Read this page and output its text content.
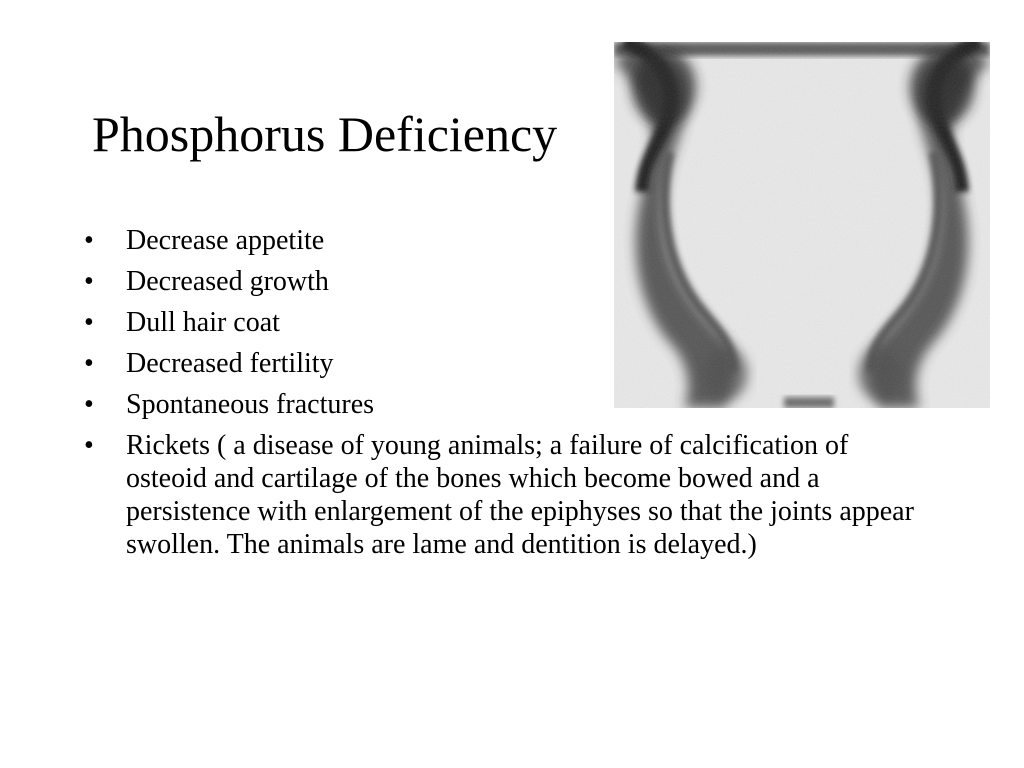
Phosphorus Deficiency
•	Decrease appetite
•	Decreased growth
•	Dull hair coat
•	Decreased fertility
•	Spontaneous fractures
•	Rickets ( a disease of young animals; a failure of calcification of osteoid and cartilage of the bones which become bowed and a persistence with enlargement of the epiphyses so that the joints appear swollen. The animals are lame and dentition is delayed.)
